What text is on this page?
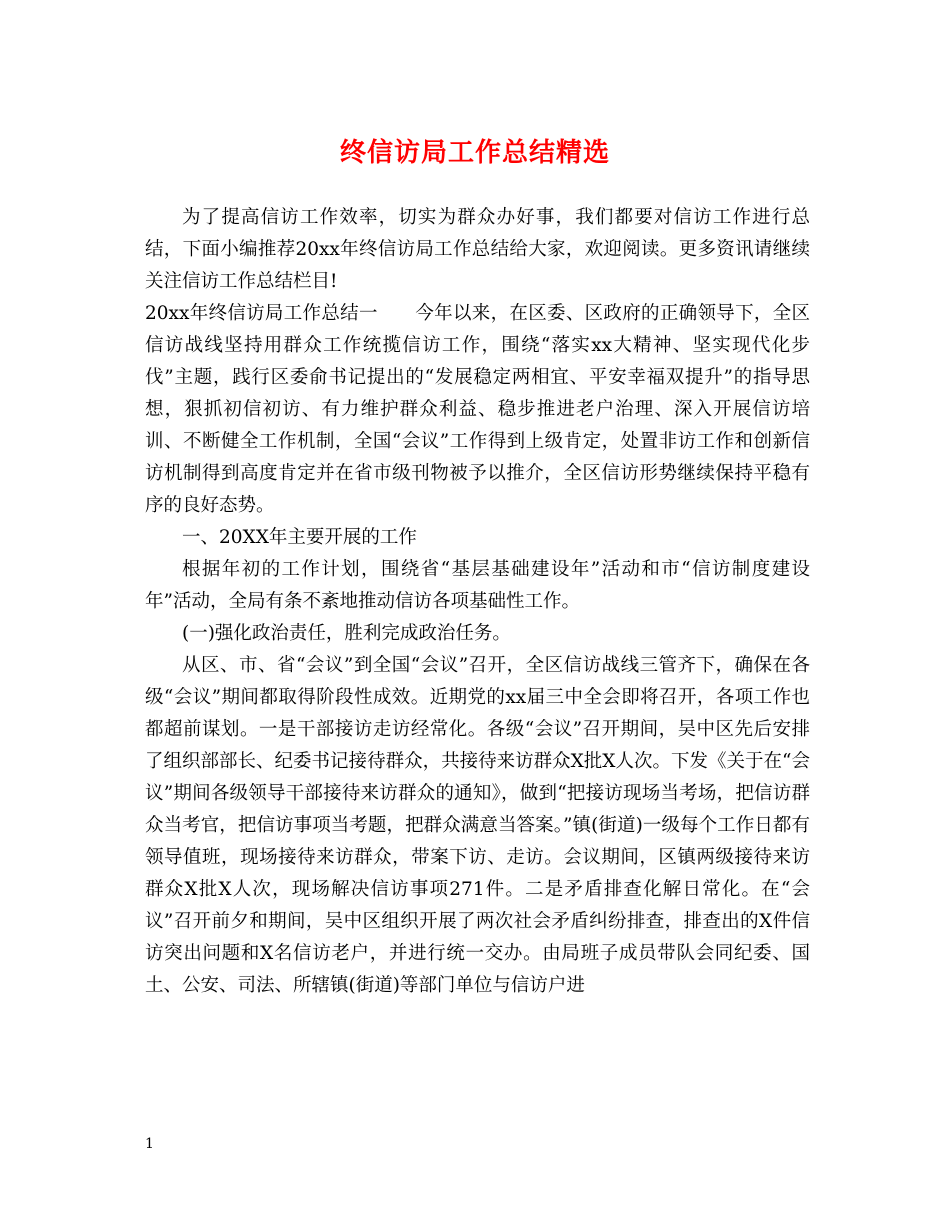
终信访局工作总结精选

为了提高信访工作效率，切实为群众办好事，我们都要对信访工作进行总结，下面小编推荐20xx年终信访局工作总结给大家，欢迎阅读。更多资讯请继续关注信访工作总结栏目!

20xx年终信访局工作总结一　　今年以来，在区委、区政府的正确领导下，全区信访战线坚持用群众工作统揽信访工作，围绕“落实xx大精神、坚实现代化步伐”主题，践行区委俞书记提出的“发展稳定两相宜、平安幸福双提升”的指导思想，狠抓初信初访、有力维护群众利益、稳步推进老户治理、深入开展信访培训、不断健全工作机制，全国“会议”工作得到上级肯定，处置非访工作和创新信访机制得到高度肯定并在省市级刊物被予以推介，全区信访形势继续保持平稳有序的良好态势。

一、20XX年主要开展的工作

根据年初的工作计划，围绕省“基层基础建设年”活动和市“信访制度建设年”活动，全局有条不紊地推动信访各项基础性工作。

(一)强化政治责任，胜利完成政治任务。

从区、市、省“会议”到全国“会议”召开，全区信访战线三管齐下，确保在各级“会议”期间都取得阶段性成效。近期党的xx届三中全会即将召开，各项工作也都超前谋划。一是干部接访走访经常化。各级“会议”召开期间，吴中区先后安排了组织部部长、纪委书记接待群众，共接待来访群众X批X人次。下发《关于在“会议”期间各级领导干部接待来访群众的通知》，做到“把接访现场当考场，把信访群众当考官，把信访事项当考题，把群众满意当答案。”镇(街道)一级每个工作日都有领导值班，现场接待来访群众，带案下访、走访。会议期间，区镇两级接待来访群众X批X人次，现场解决信访事项271件。二是矛盾排查化解日常化。在“会议”召开前夕和期间，吴中区组织开展了两次社会矛盾纠纷排查，排查出的X件信访突出问题和X名信访老户，并进行统一交办。由局班子成员带队会同纪委、国土、公安、司法、所辖镇(街道)等部门单位与信访户进

1
